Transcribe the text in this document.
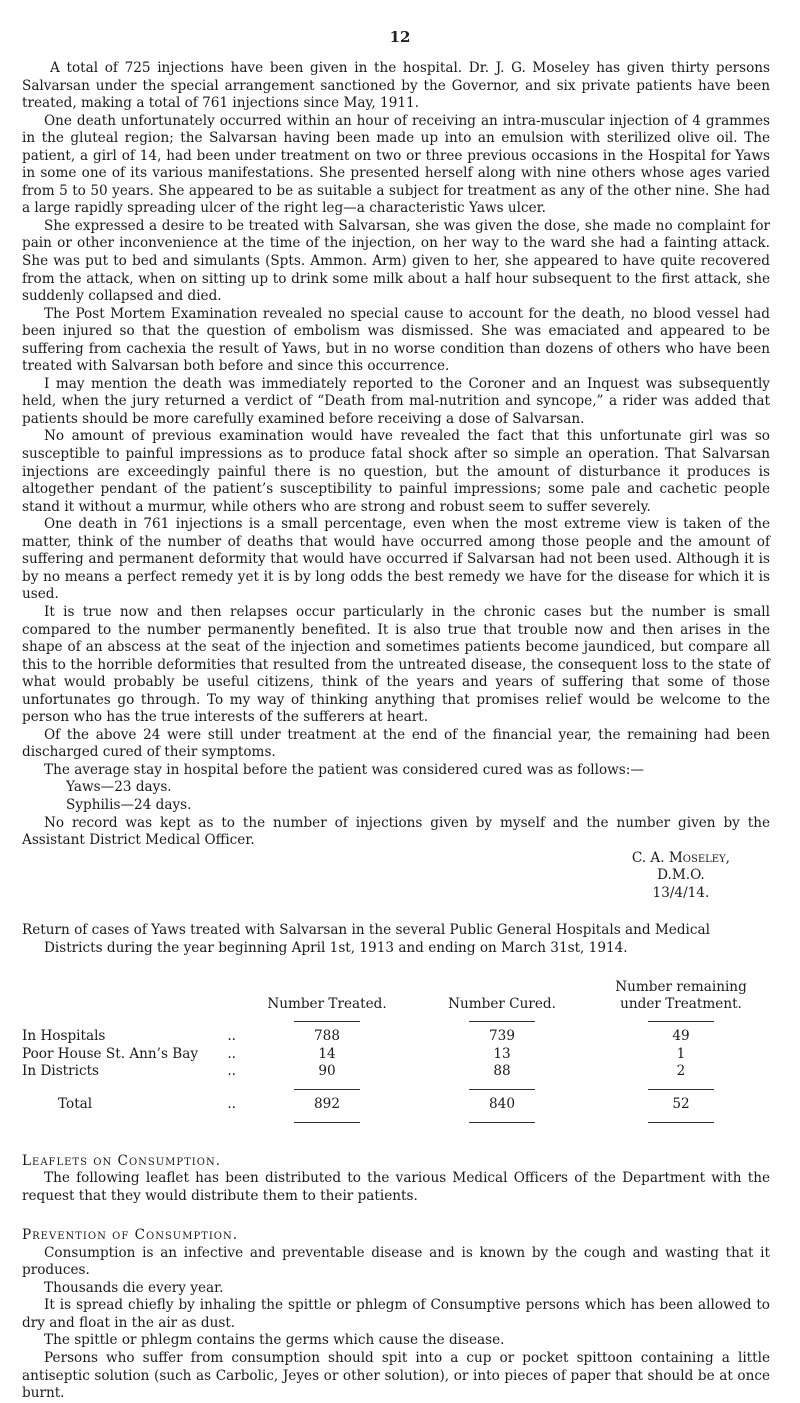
12

A total of 725 injections have been given in the hospital. Dr. J. G. Moseley has given thirty persons Salvarsan under the special arrangement sanctioned by the Governor, and six private patients have been treated, making a total of 761 injections since May, 1911.

One death unfortunately occurred within an hour of receiving an intra-muscular injection of 4 grammes in the gluteal region; the Salvarsan having been made up into an emulsion with sterilized olive oil. The patient, a girl of 14, had been under treatment on two or three previous occasions in the Hospital for Yaws in some one of its various manifestations. She presented herself along with nine others whose ages varied from 5 to 50 years. She appeared to be as suitable a subject for treatment as any of the other nine. She had a large rapidly spreading ulcer of the right leg—a characteristic Yaws ulcer.

She expressed a desire to be treated with Salvarsan, she was given the dose, she made no complaint for pain or other inconvenience at the time of the injection, on her way to the ward she had a fainting attack. She was put to bed and simulants (Spts. Ammon. Arm) given to her, she appeared to have quite recovered from the attack, when on sitting up to drink some milk about a half hour subsequent to the first attack, she suddenly collapsed and died.

The Post Mortem Examination revealed no special cause to account for the death, no blood vessel had been injured so that the question of embolism was dismissed. She was emaciated and appeared to be suffering from cachexia the result of Yaws, but in no worse condition than dozens of others who have been treated with Salvarsan both before and since this occurrence.

I may mention the death was immediately reported to the Coroner and an Inquest was subsequently held, when the jury returned a verdict of “Death from mal-nutrition and syncope,” a rider was added that patients should be more carefully examined before receiving a dose of Salvarsan.

No amount of previous examination would have revealed the fact that this unfortunate girl was so susceptible to painful impressions as to produce fatal shock after so simple an operation. That Salvarsan injections are exceedingly painful there is no question, but the amount of disturbance it produces is altogether pendant of the patient’s susceptibility to painful impressions; some pale and cachetic people stand it without a murmur, while others who are strong and robust seem to suffer severely.

One death in 761 injections is a small percentage, even when the most extreme view is taken of the matter, think of the number of deaths that would have occurred among those people and the amount of suffering and permanent deformity that would have occurred if Salvarsan had not been used. Although it is by no means a perfect remedy yet it is by long odds the best remedy we have for the disease for which it is used.

It is true now and then relapses occur particularly in the chronic cases but the number is small compared to the number permanently benefited. It is also true that trouble now and then arises in the shape of an abscess at the seat of the injection and sometimes patients become jaundiced, but compare all this to the horrible deformities that resulted from the untreated disease, the consequent loss to the state of what would probably be useful citizens, think of the years and years of suffering that some of those unfortunates go through. To my way of thinking anything that promises relief would be welcome to the person who has the true interests of the sufferers at heart.

Of the above 24 were still under treatment at the end of the financial year, the remaining had been discharged cured of their symptoms.

The average stay in hospital before the patient was considered cured was as follows:—

Yaws—23 days.

Syphilis—24 days.

No record was kept as to the number of injections given by myself and the number given by the Assistant District Medical Officer.

C. A. Moseley,
D.M.O.
13/4/14.
Return of cases of Yaws treated with Salvarsan in the several Public General Hospitals and Medical
Districts during the year beginning April 1st, 1913 and ending on March 31st, 1914.
	Number Treated.	Number Cured.	Number remaining
under Treatment.

In Hospitals ..	788	739	49
Poor House St. Ann’s Bay ..	14	13	1
In Districts ..	90	88	2

Total ..	892	840	52

Leaflets on Consumption.

The following leaflet has been distributed to the various Medical Officers of the Department with the request that they would distribute them to their patients.

Prevention of Consumption.

Consumption is an infective and preventable disease and is known by the cough and wasting that it produces.

Thousands die every year.

It is spread chiefly by inhaling the spittle or phlegm of Consumptive persons which has been allowed to dry and float in the air as dust.

The spittle or phlegm contains the germs which cause the disease.

Persons who suffer from consumption should spit into a cup or pocket spittoon containing a little antiseptic solution (such as Carbolic, Jeyes or other solution), or into pieces of paper that should be at once burnt.
